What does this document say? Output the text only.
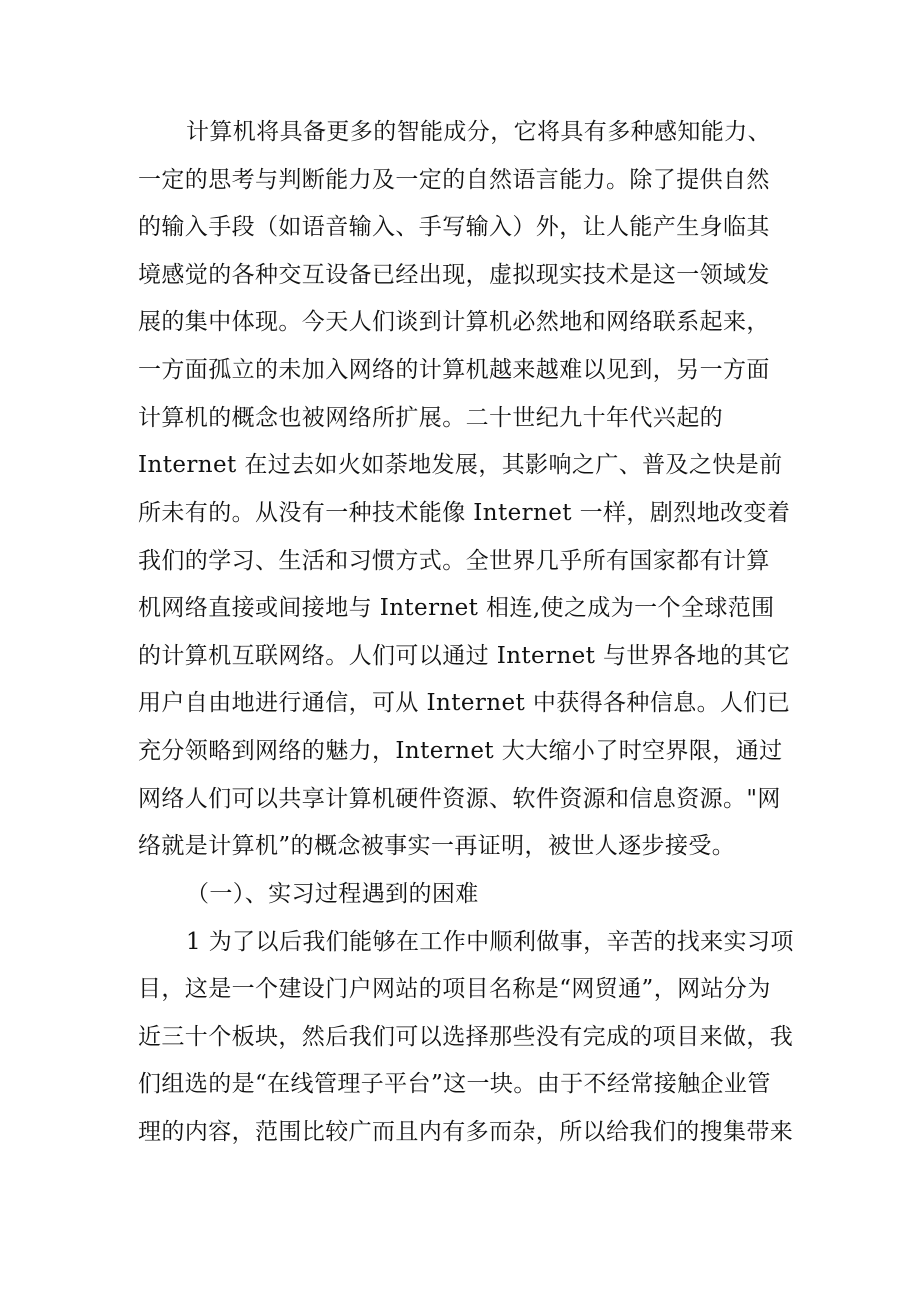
计算机将具备更多的智能成分，它将具有多种感知能力、
一定的思考与判断能力及一定的自然语言能力。除了提供自然
的输入手段（如语音输入、手写输入）外，让人能产生身临其
境感觉的各种交互设备已经出现，虚拟现实技术是这一领域发
展的集中体现。今天人们谈到计算机必然地和网络联系起来，
一方面孤立的未加入网络的计算机越来越难以见到，另一方面
计算机的概念也被网络所扩展。二十世纪九十年代兴起的
Internet 在过去如火如荼地发展，其影响之广、普及之快是前
所未有的。从没有一种技术能像 Internet 一样，剧烈地改变着
我们的学习、生活和习惯方式。全世界几乎所有国家都有计算
机网络直接或间接地与 Internet 相连,使之成为一个全球范围
的计算机互联网络。人们可以通过 Internet 与世界各地的其它
用户自由地进行通信，可从 Internet 中获得各种信息。人们已
充分领略到网络的魅力，Internet 大大缩小了时空界限，通过
网络人们可以共享计算机硬件资源、软件资源和信息资源。"网
络就是计算机”的概念被事实一再证明，被世人逐步接受。
（一）、实习过程遇到的困难
1 为了以后我们能够在工作中顺利做事，辛苦的找来实习项
目，这是一个建设门户网站的项目名称是“网贸通”，网站分为
近三十个板块，然后我们可以选择那些没有完成的项目来做，我
们组选的是“在线管理子平台”这一块。由于不经常接触企业管
理的内容，范围比较广而且内有多而杂，所以给我们的搜集带来
